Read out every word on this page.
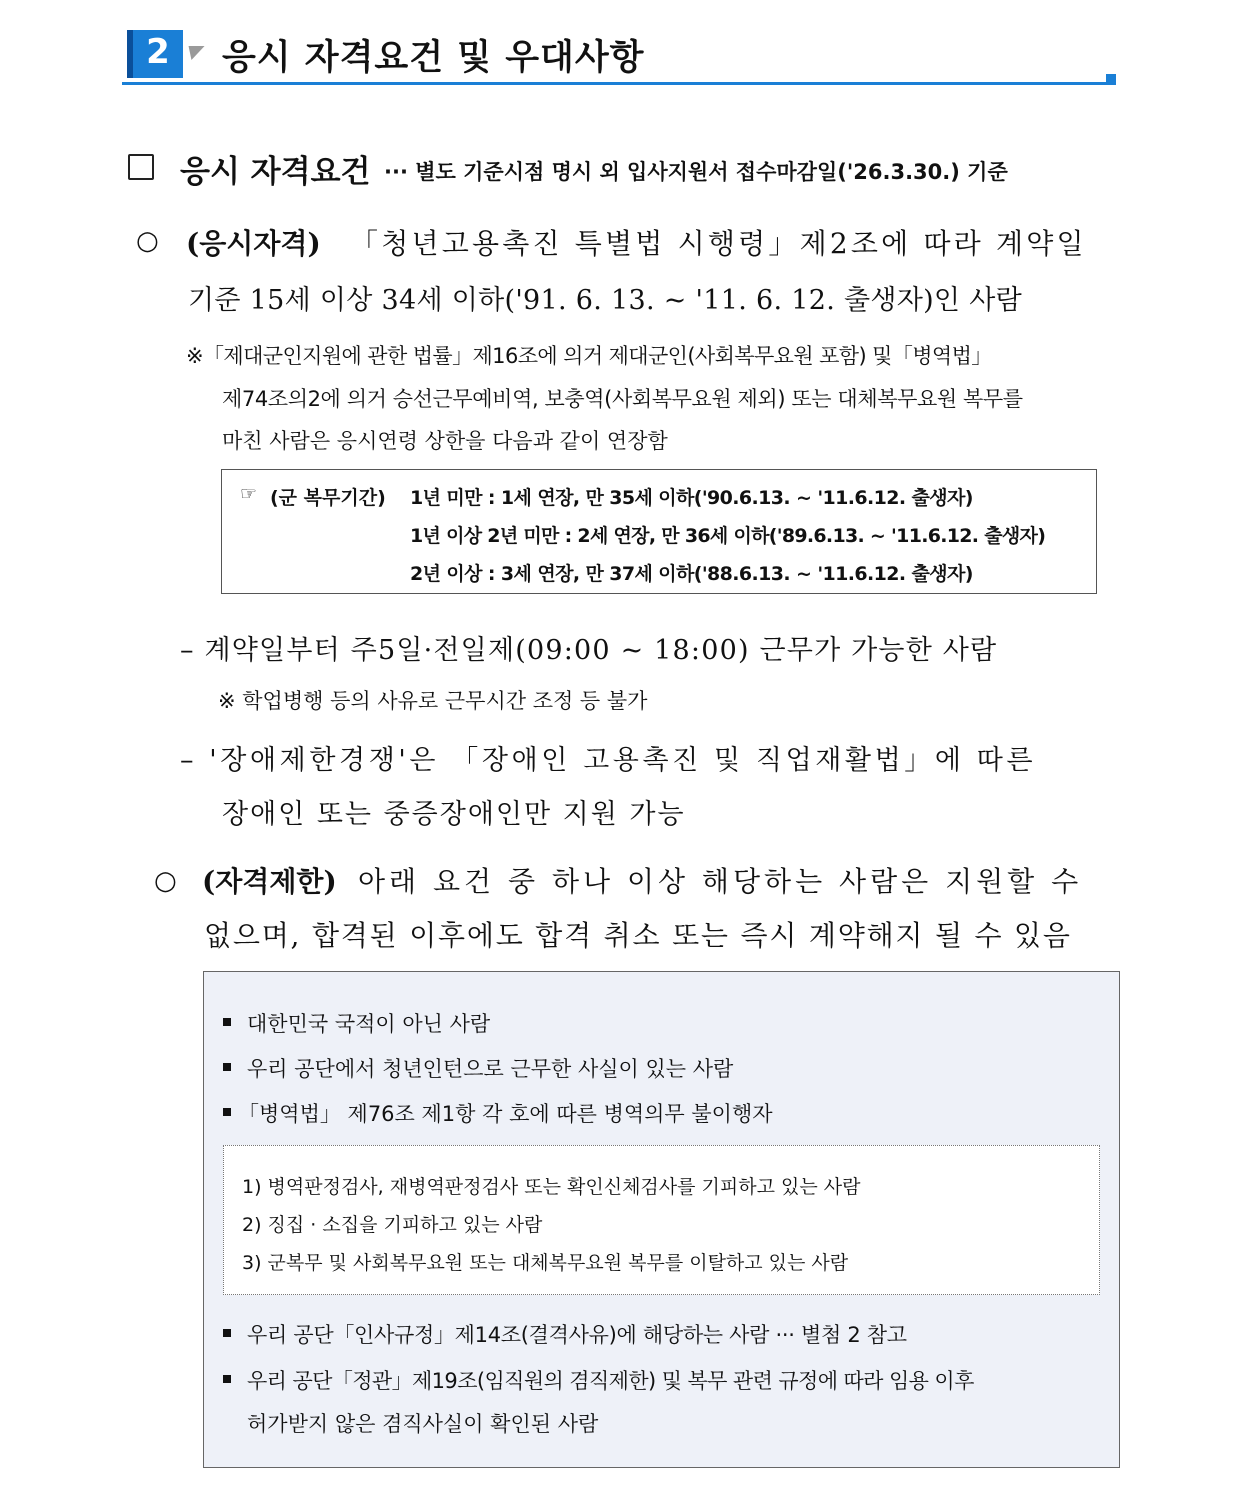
2	응시 자격요건 및 우대사항
응시 자격요건 ··· 별도 기준시점 명시 외 입사지원서 접수마감일('26.3.30.) 기준
○ (응시자격) 「청년고용촉진 특별법 시행령」제2조에 따라 계약일
기준 15세 이상 34세 이하('91. 6. 13. ~ '11. 6. 12. 출생자)인 사람
※「제대군인지원에 관한 법률」제16조에 의거 제대군인(사회복무요원 포함) 및「병역법」
제74조의2에 의거 승선근무예비역, 보충역(사회복무요원 제외) 또는 대체복무요원 복무를
마친 사람은 응시연령 상한을 다음과 같이 연장함
☞ (군 복무기간) 1년 미만 : 1세 연장, 만 35세 이하('90.6.13. ~ '11.6.12. 출생자)
1년 이상 2년 미만 : 2세 연장, 만 36세 이하('89.6.13. ~ '11.6.12. 출생자)
2년 이상 : 3세 연장, 만 37세 이하('88.6.13. ~ '11.6.12. 출생자)
– 계약일부터 주5일·전일제(09:00 ~ 18:00) 근무가 가능한 사람
※ 학업병행 등의 사유로 근무시간 조정 등 불가
– '장애제한경쟁'은 「장애인 고용촉진 및 직업재활법」에 따른
장애인 또는 중증장애인만 지원 가능
○ (자격제한) 아래 요건 중 하나 이상 해당하는 사람은 지원할 수
없으며, 합격된 이후에도 합격 취소 또는 즉시 계약해지 될 수 있음
대한민국 국적이 아닌 사람
우리 공단에서 청년인턴으로 근무한 사실이 있는 사람
「병역법」 제76조 제1항 각 호에 따른 병역의무 불이행자
1) 병역판정검사, 재병역판정검사 또는 확인신체검사를 기피하고 있는 사람
2) 징집 · 소집을 기피하고 있는 사람
3) 군복무 및 사회복무요원 또는 대체복무요원 복무를 이탈하고 있는 사람
우리 공단「인사규정」제14조(결격사유)에 해당하는 사람 ··· 별첨 2 참고
우리 공단「정관」제19조(임직원의 겸직제한) 및 복무 관련 규정에 따라 임용 이후
허가받지 않은 겸직사실이 확인된 사람
